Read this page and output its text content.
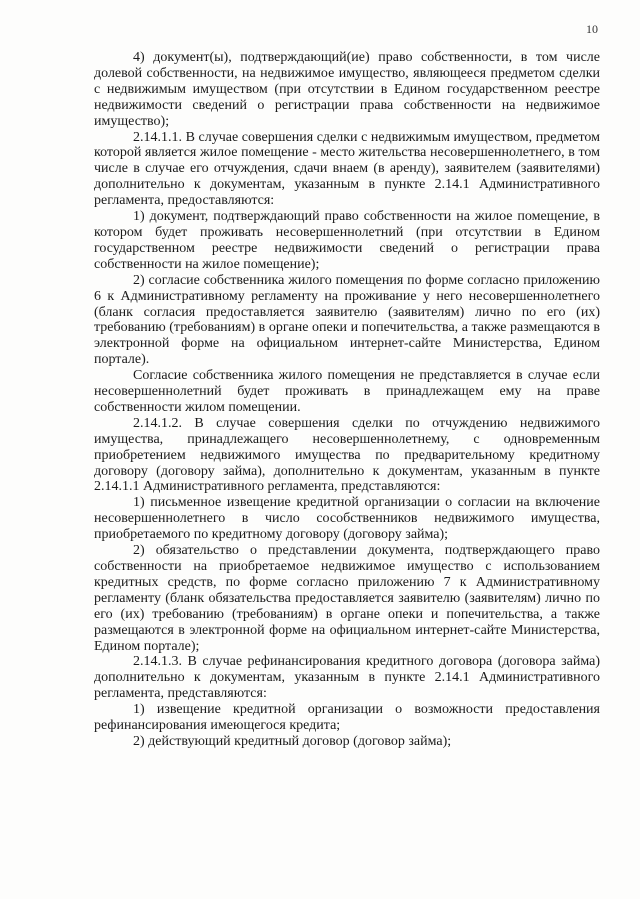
10

4) документ(ы), подтверждающий(ие) право собственности, в том числе долевой собственности, на недвижимое имущество, являющееся предметом сделки с недвижимым имуществом (при отсутствии в Едином государственном реестре недвижимости сведений о регистрации права собственности на недвижимое имущество);

2.14.1.1. В случае совершения сделки с недвижимым имуществом, предметом которой является жилое помещение - место жительства несовершеннолетнего, в том числе в случае его отчуждения, сдачи внаем (в аренду), заявителем (заявителями) дополнительно к документам, указанным в пункте 2.14.1 Административного регламента, предоставляются:

1) документ, подтверждающий право собственности на жилое помещение, в котором будет проживать несовершеннолетний (при отсутствии в Едином государственном реестре недвижимости сведений о регистрации права собственности на жилое помещение);

2) согласие собственника жилого помещения по форме согласно приложению 6 к Административному регламенту на проживание у него несовершеннолетнего (бланк согласия предоставляется заявителю (заявителям) лично по его (их) требованию (требованиям) в органе опеки и попечительства, а также размещаются в электронной форме на официальном интернет-сайте Министерства, Едином портале).

Согласие собственника жилого помещения не представляется в случае если несовершеннолетний будет проживать в принадлежащем ему на праве собственности жилом помещении.

2.14.1.2. В случае совершения сделки по отчуждению недвижимого имущества, принадлежащего несовершеннолетнему, с одновременным приобретением недвижимого имущества по предварительному кредитному договору (договору займа), дополнительно к документам, указанным в пункте 2.14.1.1 Административного регламента, представляются:

1) письменное извещение кредитной организации о согласии на включение несовершеннолетнего в число сособственников недвижимого имущества, приобретаемого по кредитному договору (договору займа);

2) обязательство о представлении документа, подтверждающего право собственности на приобретаемое недвижимое имущество с использованием кредитных средств, по форме согласно приложению 7 к Административному регламенту (бланк обязательства предоставляется заявителю (заявителям) лично по его (их) требованию (требованиям) в органе опеки и попечительства, а также размещаются в электронной форме на официальном интернет-сайте Министерства, Едином портале);

2.14.1.3. В случае рефинансирования кредитного договора (договора займа) дополнительно к документам, указанным в пункте 2.14.1 Административного регламента, представляются:

1) извещение кредитной организации о возможности предоставления рефинансирования имеющегося кредита;

2) действующий кредитный договор (договор займа);
